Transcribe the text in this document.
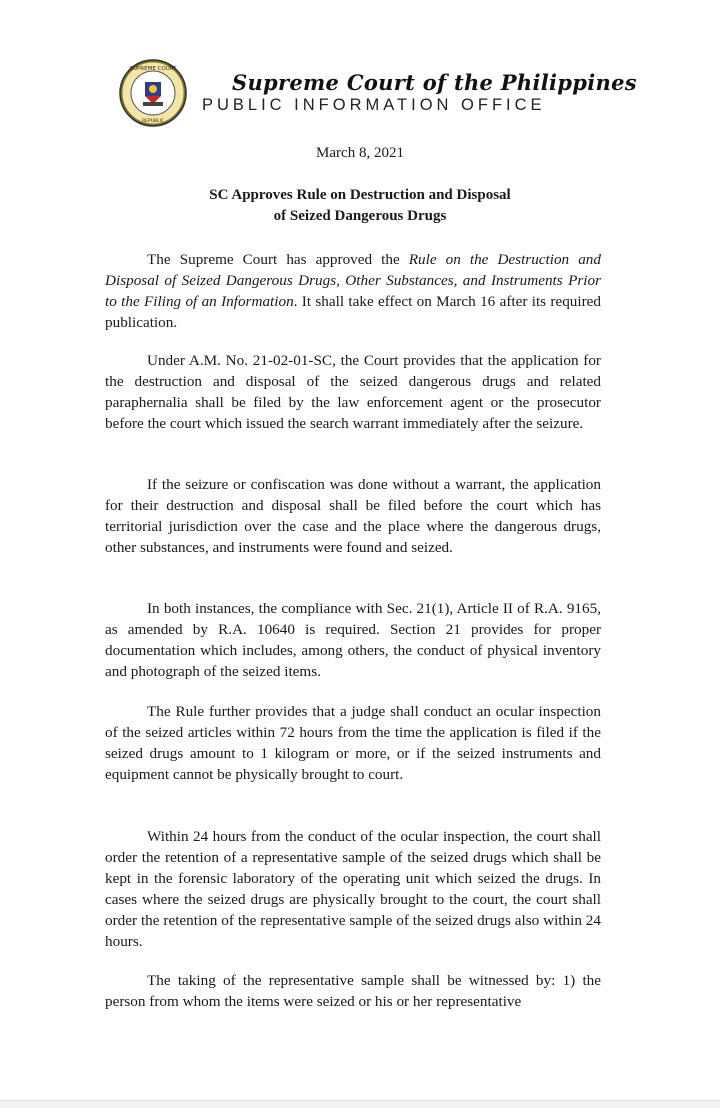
SUPREME COURT
REPUBLIC
Supreme Court of the Philippines
PUBLIC INFORMATION OFFICE
March 8, 2021
SC Approves Rule on Destruction and Disposal
of Seized Dangerous Drugs

The Supreme Court has approved the Rule on the Destruction and Disposal of Seized Dangerous Drugs, Other Substances, and Instruments Prior to the Filing of an Information. It shall take effect on March 16 after its required publication.

Under A.M. No. 21-02-01-SC, the Court provides that the application for the destruction and disposal of the seized dangerous drugs and related paraphernalia shall be filed by the law enforcement agent or the prosecutor before the court which issued the search warrant immediately after the seizure.

If the seizure or confiscation was done without a warrant, the application for their destruction and disposal shall be filed before the court which has territorial jurisdiction over the case and the place where the dangerous drugs, other substances, and instruments were found and seized.

In both instances, the compliance with Sec. 21(1), Article II of R.A. 9165, as amended by R.A. 10640 is required. Section 21 provides for proper documentation which includes, among others, the conduct of physical inventory and photograph of the seized items.

The Rule further provides that a judge shall conduct an ocular inspection of the seized articles within 72 hours from the time the application is filed if the seized drugs amount to 1 kilogram or more, or if the seized instruments and equipment cannot be physically brought to court.

Within 24 hours from the conduct of the ocular inspection, the court shall order the retention of a representative sample of the seized drugs which shall be kept in the forensic laboratory of the operating unit which seized the drugs. In cases where the seized drugs are physically brought to the court, the court shall order the retention of the representative sample of the seized drugs also within 24 hours.

The taking of the representative sample shall be witnessed by: 1) the person from whom the items were seized or his or her representative
